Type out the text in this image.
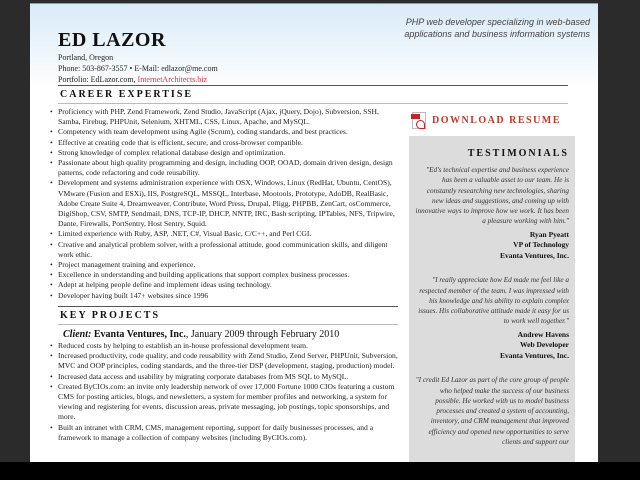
ED LAZOR
Portland, Oregon
Phone: 503-867-3557 • E-Mail: edlazor@me.com
Portfolio: EdLazor.com, InternetArchitects.biz
PHP web developer specializing in web-based
applications and business information systems
CAREER EXPERTISE
• Proficiency with PHP, Zend Framework, Zend Studio, JavaScript (Ajax, jQuery, Dojo), Subversion, SSH, Samba, Firebug, PHPUnit, Selenium, XHTML, CSS, Linux, Apache, and MySQL.
• Competency with team development using Agile (Scrum), coding standards, and best practices.
• Effective at creating code that is efficient, secure, and cross-browser compatible.
• Strong knowledge of complex relational database design and optimization.
• Passionate about high quality programming and design, including OOP, OOAD, domain driven design, design patterns, code refactoring and code reusability.
• Development and systems administration experience with OSX, Windows, Linux (RedHat, Ubuntu, CentOS), VMware (Fusion and ESXi), IIS, PostgreSQL, MSSQL, Interbase, Mootools, Prototype, AdoDB, RealBasic, Adobe Create Suite 4, Dreamweaver, Contribute, Word Press, Drupal, Pligg, PHPBB, ZenCart, osCommerce, DigiShop, CSV, SMTP, Sendmail, DNS, TCP-IP, DHCP, NNTP, IRC, Bash scripting, IPTables, NFS, Tripwire, Dante, Firewalls, PortSentry, Host Sentry, Squid.
• Limited experience with Ruby, ASP, .NET, C#, Visual Basic, C/C++, and Perl CGI.
• Creative and analytical problem solver, with a professional attitude, good communication skills, and diligent work ethic.
• Project management training and experience.
• Excellence in understanding and building applications that support complex business processes.
• Adept at helping people define and implement ideas using technology.
• Developer having built 147+ websites since 1996
KEY PROJECTS
Client: Evanta Ventures, Inc., January 2009 through February 2010
• Reduced costs by helping to establish an in-house professional development team.
• Increased productivity, code quality, and code reusability with Zend Studio, Zend Server, PHPUnit, Subversion, MVC and OOP principles, coding standards, and the three-tier DSP (development, staging, production) model.
• Increased data access and usability by migrating corporate databases from MS SQL to MySQL.
• Created ByCIOs.com: an invite only leadership network of over 17,000 Fortune 1000 CIOs featuring a custom CMS for posting articles, blogs, and newsletters, a system for member profiles and networking, a system for viewing and registering for events, discussion areas, private messaging, job postings, topic sponsorships, and more.
• Built an intranet with CRM, CMS, management reporting, support for daily businesses processes, and a framework to manage a collection of company websites (including ByCIOs.com).
DOWNLOAD RESUME
TESTIMONIALS
"Ed's technical expertise and business experience has been a valuable asset to our team. He is constantly researching new technologies, sharing new ideas and suggestions, and coming up with innovative ways to improve how we work. It has been a pleasure working with him."
Ryan Pyeatt
VP of Technology
Evanta Ventures, Inc.
"I really appreciate how Ed made me feel like a respected member of the team. I was impressed with his knowledge and his ability to explain complex issues. His collaborative attitude made it easy for us to work well together."
Andrew Havens
Web Developer
Evanta Ventures, Inc.
"I credit Ed Lazor as part of the core group of people who helped make the success of our business possible. He worked with us to model business processes and created a system of accounting, inventory, and CRM management that improved efficiency and opened new opportunities to serve clients and support our
